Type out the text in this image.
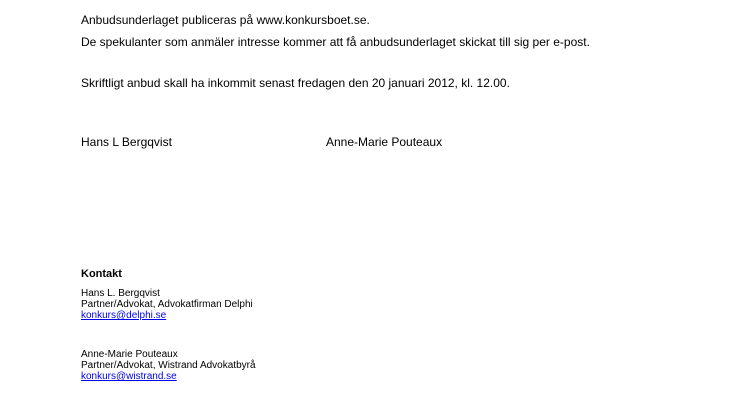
Anbudsunderlaget publiceras på www.konkursboet.se.
De spekulanter som anmäler intresse kommer att få anbudsunderlaget skickat till sig per e-post.
Skriftligt anbud skall ha inkommit senast fredagen den 20 januari 2012, kl. 12.00.
Hans L Bergqvist	Anne-Marie Pouteaux
Kontakt
Hans L. Bergqvist
Partner/Advokat, Advokatfirman Delphi
konkurs@delphi.se
Anne-Marie Pouteaux
Partner/Advokat, Wistrand Advokatbyrå
konkurs@wistrand.se
